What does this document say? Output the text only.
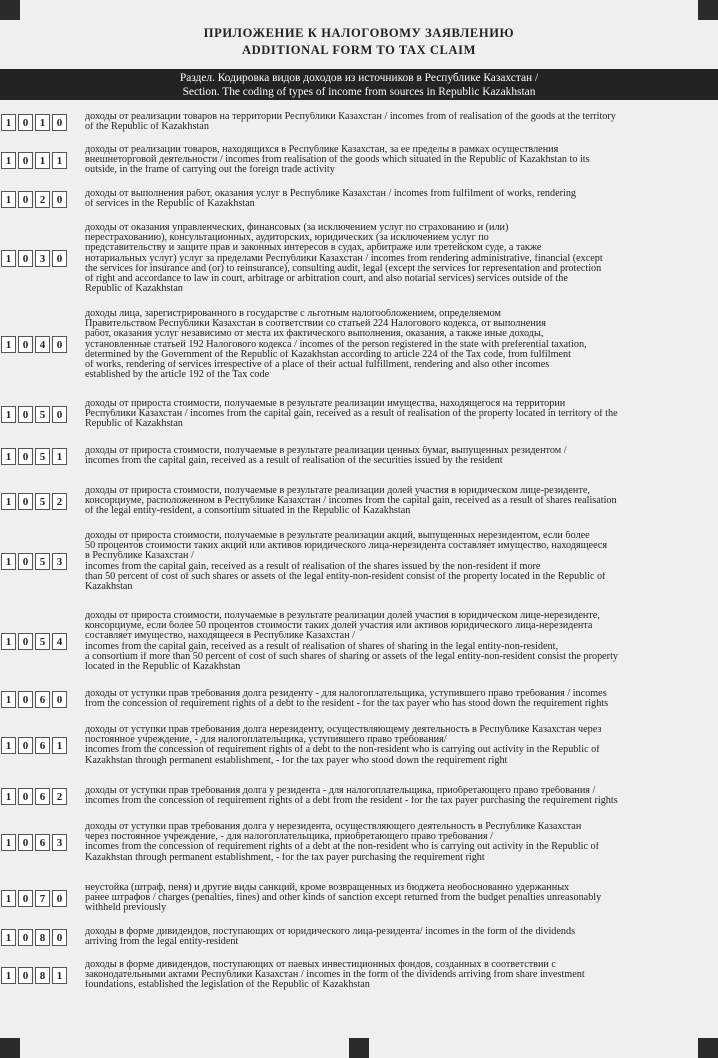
ПРИЛОЖЕНИЕ К НАЛОГОВОМУ ЗАЯВЛЕНИЮ
ADDITIONAL FORM TO TAX CLAIM
Раздел. Кодировка видов доходов из источников в Республике Казахстан /
Section. The coding of types of income from sources in Republic Kazakhstan
1	0	1	0
доходы от реализации товаров на территории Республики Казахстан / incomes from of realisation of the goods at the territory
of the Republic of Kazakhstan
1	0	1	1
доходы от реализации товаров, находящихся в Республике Казахстан, за ее пределы в рамках осуществления
внешнеторговой деятельности / incomes from realisation of the goods which situated in the Republic of Kazakhstan to its
outside, in the frame of carrying out the foreign trade activity
1	0	2	0
доходы от выполнения работ, оказания услуг в Республике Казахстан / incomes from fulfilment of works, rendering
of services in the Republic of Kazakhstan
1	0	3	0
доходы от оказания управленческих, финансовых (за исключением услуг по страхованию и (или)
перестрахованию), консультационных, аудиторских, юридических (за исключением услуг по
представительству и защите прав и законных интересов в судах, арбитраже или третейском суде, а также
нотариальных услуг) услуг за пределами Республики Казахстан / incomes from rendering administrative, financial (except
the services for insurance and (or) to reinsurance), consulting audit, legal (except the services for representation and protection
of right and accordance to law in court, arbitrage or arbitration court, and also notarial services) services outside of the
Republic of Kazakhstan
1	0	4	0
доходы лица, зарегистрированного в государстве с льготным налогообложением, определяемом
Правительством Республики Казахстан в соответствии со статьей 224 Налогового кодекса, от выполнения
работ, оказания услуг независимо от места их фактического выполнения, оказания, а также иные доходы,
установленные статьей 192 Налогового кодекса / incomes of the person registered in the state with preferential taxation,
determined by the Government of the Republic of Kazakhstan according to article 224 of the Tax code, from fulfilment
of works, rendering of services irrespective of a place of their actual fulfillment, rendering and also other incomes
established by the article 192 of the Tax code
1	0	5	0
доходы от прироста стоимости, получаемые в результате реализации имущества, находящегося на территории
Республики Казахстан / incomes from the capital gain, received as a result of realisation of the property located in territory of the
Republic of Kazakhstan
1	0	5	1
доходы от прироста стоимости, получаемые в результате реализации ценных бумаг, выпущенных резидентом /
incomes from the capital gain, received as a result of realisation of the securities issued by the resident
1	0	5	2
доходы от прироста стоимости, получаемые в результате реализации долей участия в юридическом лице-резиденте,
консорциуме, расположенном в Республике Казахстан / incomes from the capital gain, received as a result of shares realisation
of the legal entity-resident, a consortium situated in the Republic of Kazakhstan
1	0	5	3
доходы от прироста стоимости, получаемые в результате реализации акций, выпущенных нерезидентом, если более
50 процентов стоимости таких акций или активов юридического лица-нерезидента составляет имущество, находящееся
в Республике Казахстан /
incomes from the capital gain, received as a result of realisation of the shares issued by the non-resident if more
than 50 percent of cost of such shares or assets of the legal entity-non-resident consist of the property located in the Republic of
Kazakhstan
1	0	5	4
доходы от прироста стоимости, получаемые в результате реализации долей участия в юридическом лице-нерезиденте,
консорциуме, если более 50 процентов стоимости таких долей участия или активов юридического лица-нерезидента
составляет имущество, находящееся в Республике Казахстан /
incomes from the capital gain, received as a result of realisation of shares of sharing in the legal entity-non-resident,
a consortium if more than 50 percent of cost of such shares of sharing or assets of the legal entity-non-resident consist the property
located in the Republic of Kazakhstan
1	0	6	0
доходы от уступки прав требования долга резиденту - для налогоплательщика, уступившего право требования / incomes
from the concession of requirement rights of a debt to the resident - for the tax payer who has stood down the requirement rights
1	0	6	1
доходы от уступки прав требования долга нерезиденту, осуществляющему деятельность в Республике Казахстан через
постоянное учреждение, - для налогоплательщика, уступившего право требования/
incomes from the concession of requirement rights of a debt to the non-resident who is carrying out activity in the Republic of
Kazakhstan through permanent establishment, - for the tax payer who stood down the requirement right
1	0	6	2
доходы от уступки прав требования долга у резидента - для налогоплательщика, приобретающего право требования /
incomes from the concession of requirement rights of a debt from the resident - for the tax payer purchasing the requirement rights
1	0	6	3
доходы от уступки прав требования долга у нерезидента, осуществляющего деятельность в Республике Казахстан
через постоянное учреждение, - для налогоплательщика, приобретающего право требования /
incomes from the concession of requirement rights of a debt at the non-resident who is carrying out activity in the Republic of
Kazakhstan through permanent establishment, - for the tax payer purchasing the requirement right
1	0	7	0
неустойка (штраф, пеня) и другие виды санкций, кроме возвращенных из бюджета необоснованно удержанных
ранее штрафов / charges (penalties, fines) and other kinds of sanction except returned from the budget penalties unreasonably
withheld previously
1	0	8	0
доходы в форме дивидендов, поступающих от юридического лица-резидента/ incomes in the form of the dividends
arriving from the legal entity-resident
1	0	8	1
доходы в форме дивидендов, поступающих от паевых инвестиционных фондов, созданных в соответствии с
законодательными актами Республики Казахстан / incomes in the form of the dividends arriving from share investment
foundations, established the legislation of the Republic of Kazakhstan
